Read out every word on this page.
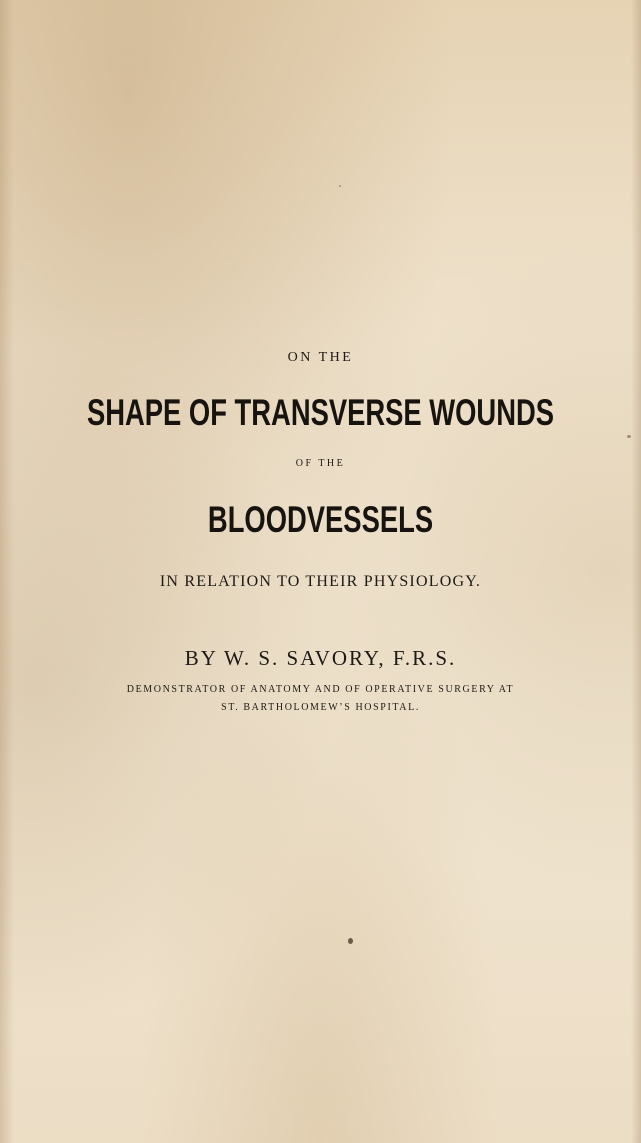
ON THE
SHAPE OF TRANSVERSE WOUNDS
OF THE
BLOODVESSELS
IN RELATION TO THEIR PHYSIOLOGY.
BY W. S. SAVORY, F.R.S.
DEMONSTRATOR OF ANATOMY AND OF OPERATIVE SURGERY AT
ST. BARTHOLOMEW’S HOSPITAL.
